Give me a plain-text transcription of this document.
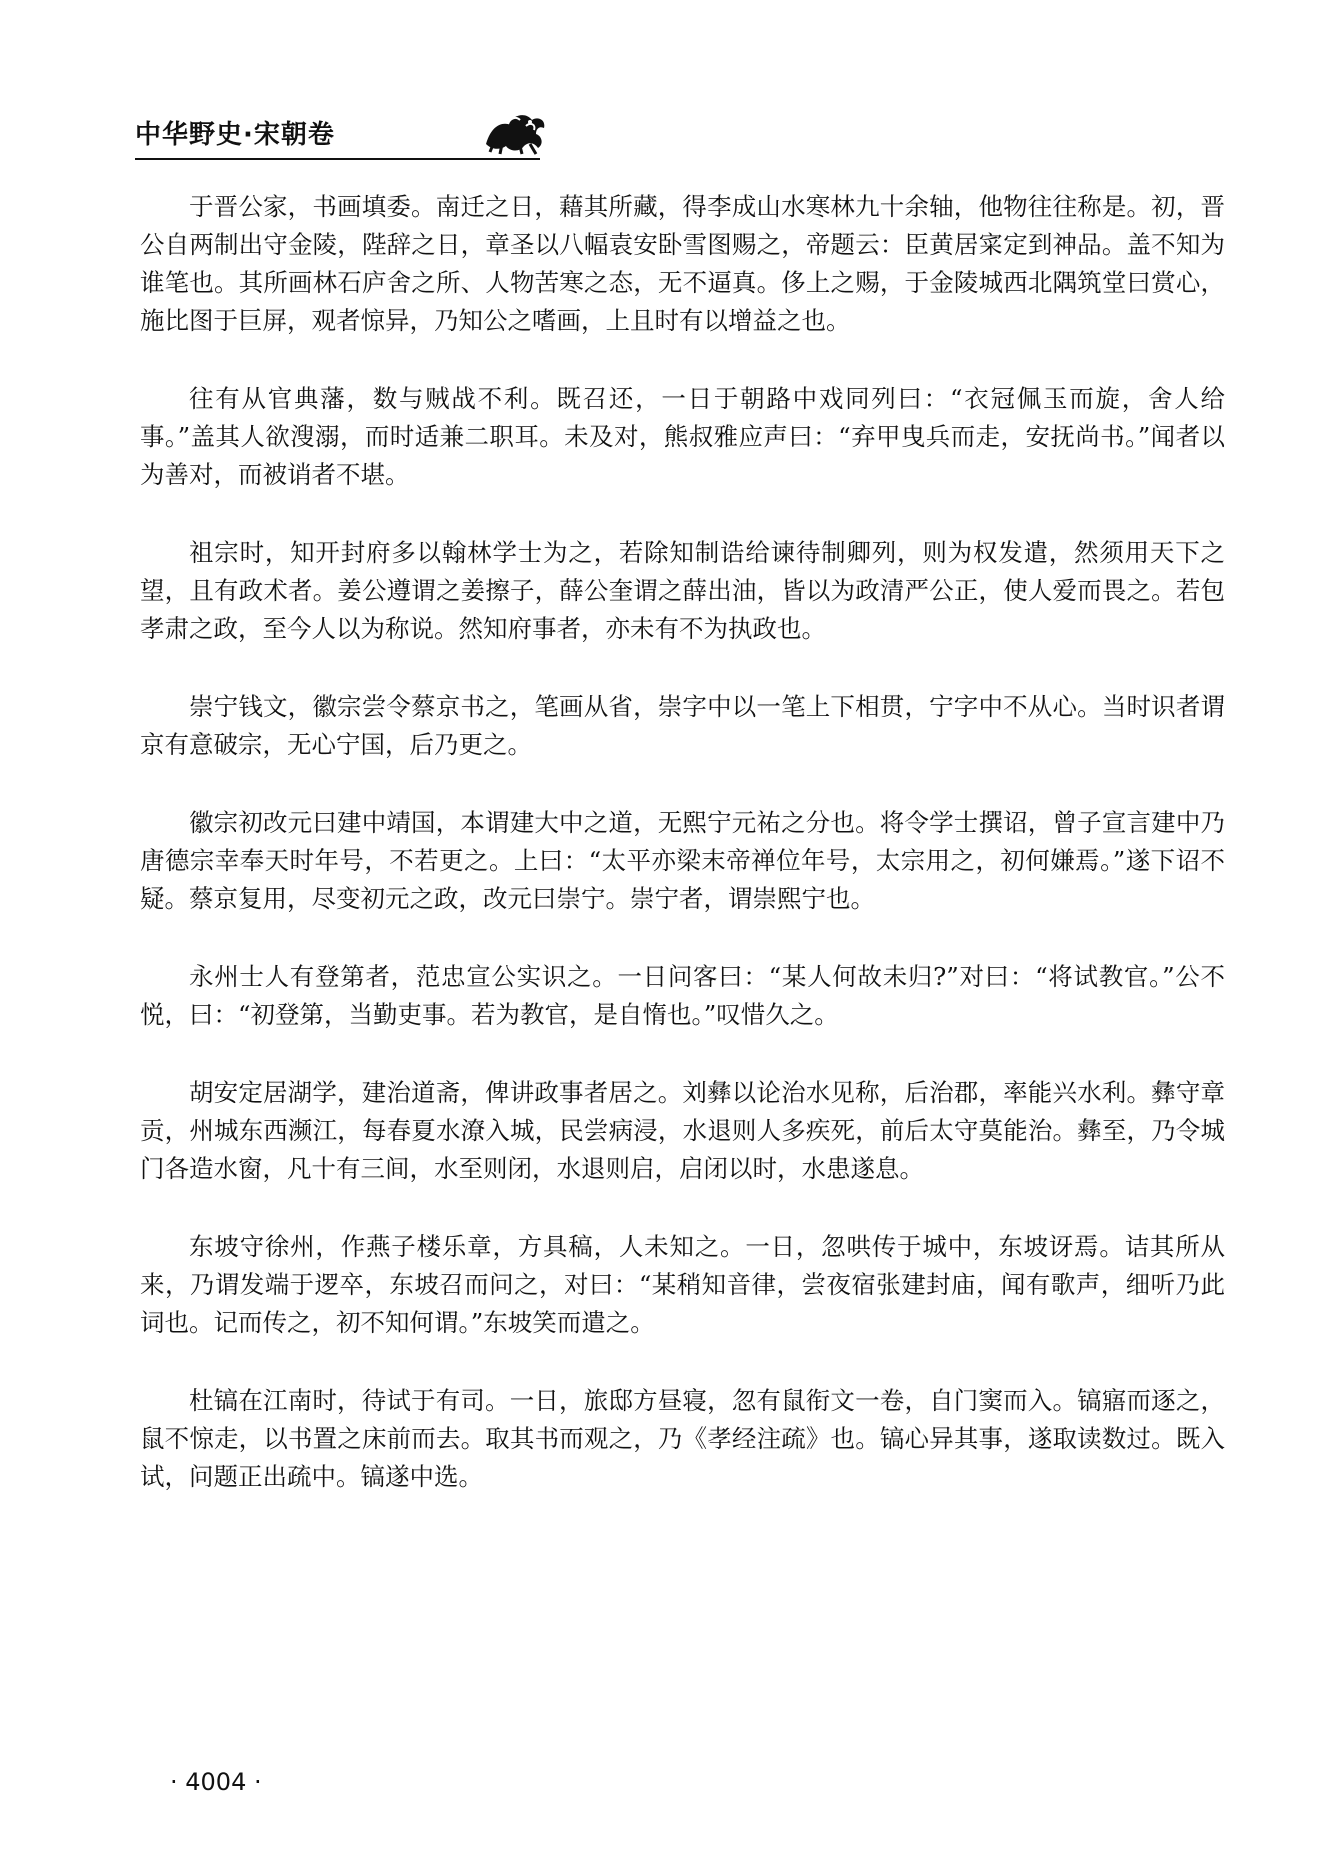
中华野史·宋朝卷

于晋公家，书画填委。南迁之日，藉其所藏，得李成山水寒林九十余轴，他物往往称是。初，晋公自两制出守金陵，陛辞之日，章圣以八幅袁安卧雪图赐之，帝题云：臣黄居寀定到神品。盖不知为谁笔也。其所画林石庐舍之所、人物苦寒之态，无不逼真。侈上之赐，于金陵城西北隅筑堂曰赏心，施比图于巨屏，观者惊异，乃知公之嗜画，上且时有以增益之也。

往有从官典藩，数与贼战不利。既召还，一日于朝路中戏同列曰：“衣冠佩玉而旋，舍人给事。”盖其人欲溲溺，而时适兼二职耳。未及对，熊叔雅应声曰：“弃甲曳兵而走，安抚尚书。”闻者以为善对，而被诮者不堪。

祖宗时，知开封府多以翰林学士为之，若除知制诰给谏待制卿列，则为权发遣，然须用天下之望，且有政术者。姜公遵谓之姜擦子，薛公奎谓之薛出油，皆以为政清严公正，使人爱而畏之。若包孝肃之政，至今人以为称说。然知府事者，亦未有不为执政也。

崇宁钱文，徽宗尝令蔡京书之，笔画从省，崇字中以一笔上下相贯，宁字中不从心。当时识者谓京有意破宗，无心宁国，后乃更之。

徽宗初改元曰建中靖国，本谓建大中之道，无熙宁元祐之分也。将令学士撰诏，曾子宣言建中乃唐德宗幸奉天时年号，不若更之。上曰：“太平亦梁末帝禅位年号，太宗用之，初何嫌焉。”遂下诏不疑。蔡京复用，尽变初元之政，改元曰崇宁。崇宁者，谓崇熙宁也。

永州士人有登第者，范忠宣公实识之。一日问客曰：“某人何故未归?”对曰：“将试教官。”公不悦，曰：“初登第，当勤吏事。若为教官，是自惰也。”叹惜久之。

胡安定居湖学，建治道斋，俾讲政事者居之。刘彝以论治水见称，后治郡，率能兴水利。彝守章贡，州城东西濒江，每春夏水潦入城，民尝病浸，水退则人多疾死，前后太守莫能治。彝至，乃令城门各造水窗，凡十有三间，水至则闭，水退则启，启闭以时，水患遂息。

东坡守徐州，作燕子楼乐章，方具稿，人未知之。一日，忽哄传于城中，东坡讶焉。诘其所从来，乃谓发端于逻卒，东坡召而问之，对曰：“某稍知音律，尝夜宿张建封庙，闻有歌声，细听乃此词也。记而传之，初不知何谓。”东坡笑而遣之。

杜镐在江南时，待试于有司。一日，旅邸方昼寝，忽有鼠衔文一卷，自门窦而入。镐寤而逐之，鼠不惊走，以书置之床前而去。取其书而观之，乃《孝经注疏》也。镐心异其事，遂取读数过。既入试，问题正出疏中。镐遂中选。

· 4004 ·
